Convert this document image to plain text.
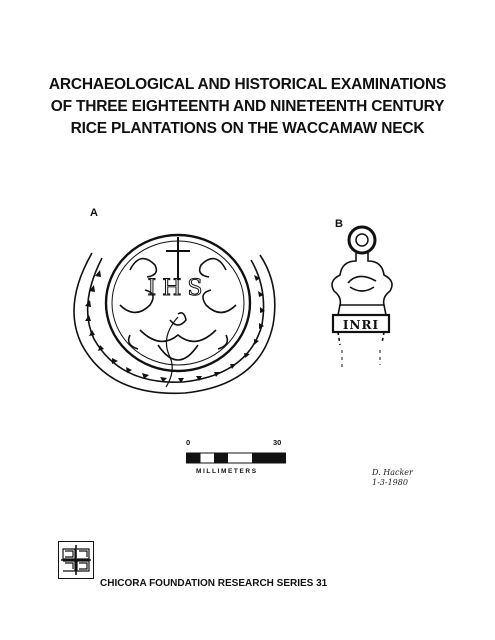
ARCHAEOLOGICAL AND HISTORICAL EXAMINATIONS
OF THREE EIGHTEENTH AND NINETEENTH CENTURY
RICE PLANTATIONS ON THE WACCAMAW NECK
A
B
IHS
INRI
0	30
MILLIMETERS	D. Hacker
1-3-1980
CHICORA FOUNDATION RESEARCH SERIES 31
